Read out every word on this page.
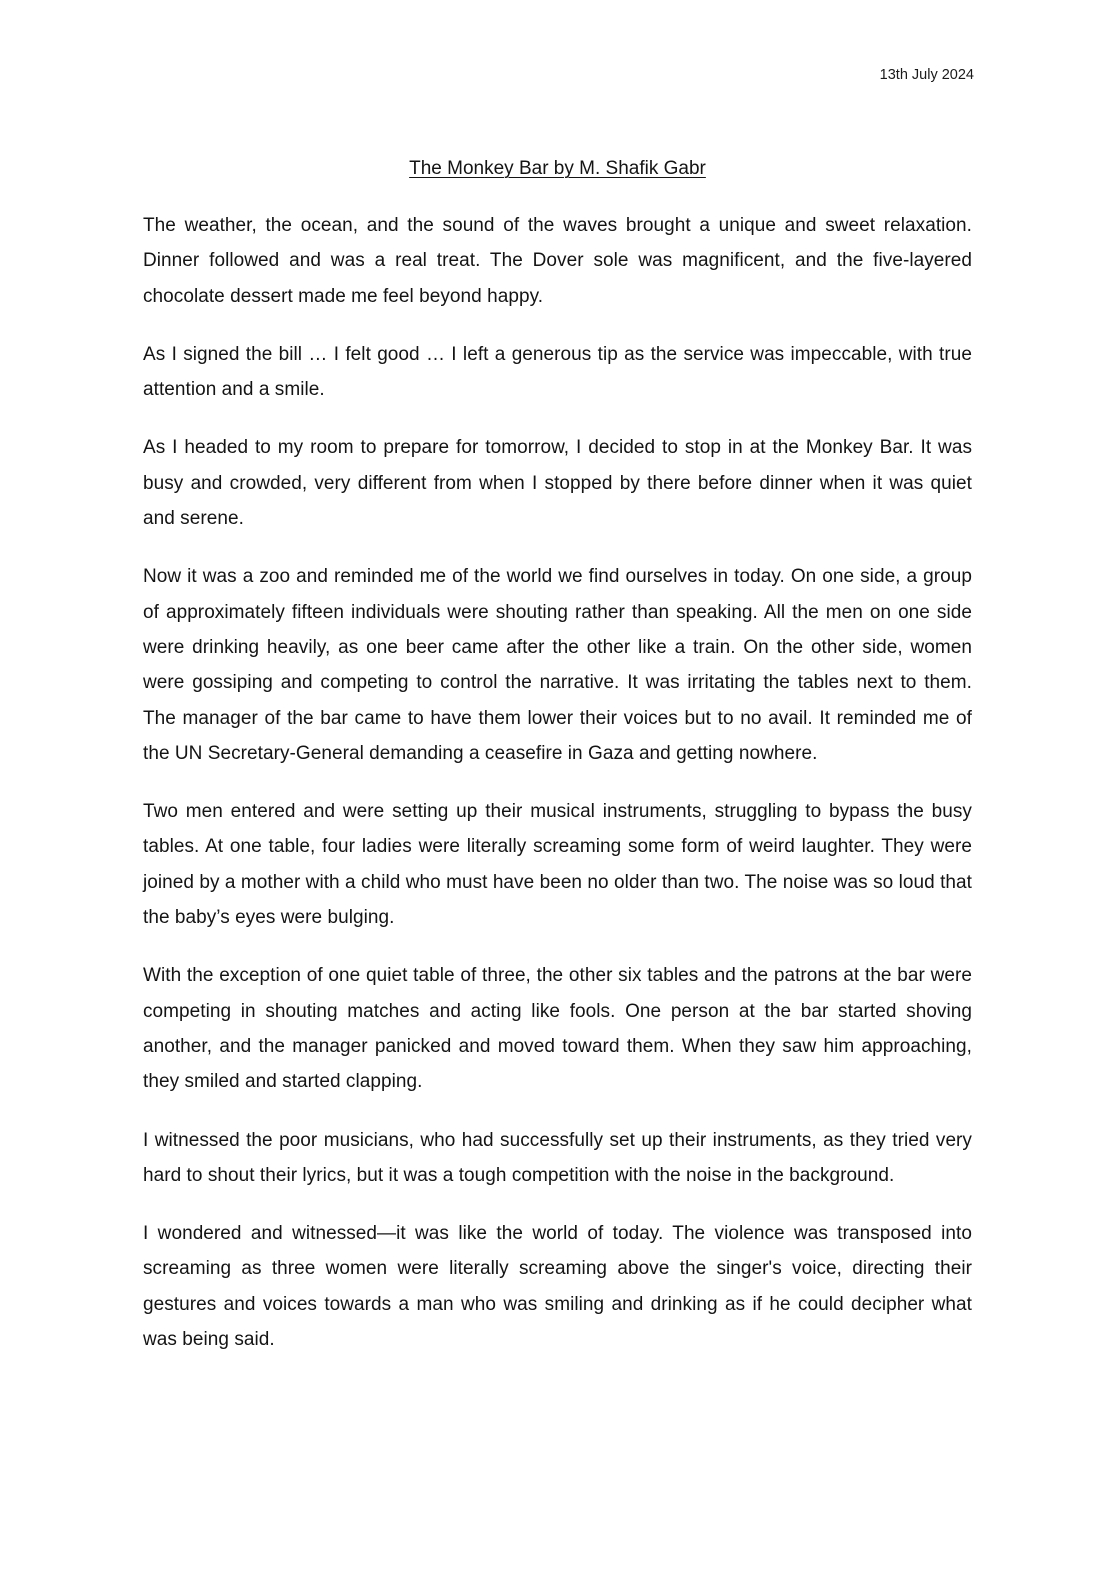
13th July 2024
The Monkey Bar by M. Shafik Gabr

The weather, the ocean, and the sound of the waves brought a unique and sweet relaxation. Dinner followed and was a real treat. The Dover sole was magnificent, and the five-layered chocolate dessert made me feel beyond happy.

As I signed the bill … I felt good … I left a generous tip as the service was impeccable, with true attention and a smile.

As I headed to my room to prepare for tomorrow, I decided to stop in at the Monkey Bar. It was busy and crowded, very different from when I stopped by there before dinner when it was quiet and serene.

Now it was a zoo and reminded me of the world we find ourselves in today. On one side, a group of approximately fifteen individuals were shouting rather than speaking. All the men on one side were drinking heavily, as one beer came after the other like a train. On the other side, women were gossiping and competing to control the narrative. It was irritating the tables next to them. The manager of the bar came to have them lower their voices but to no avail. It reminded me of the UN Secretary-General demanding a ceasefire in Gaza and getting nowhere.

Two men entered and were setting up their musical instruments, struggling to bypass the busy tables. At one table, four ladies were literally screaming some form of weird laughter. They were joined by a mother with a child who must have been no older than two. The noise was so loud that the baby’s eyes were bulging.

With the exception of one quiet table of three, the other six tables and the patrons at the bar were competing in shouting matches and acting like fools. One person at the bar started shoving another, and the manager panicked and moved toward them. When they saw him approaching, they smiled and started clapping.

I witnessed the poor musicians, who had successfully set up their instruments, as they tried very hard to shout their lyrics, but it was a tough competition with the noise in the background.

I wondered and witnessed—it was like the world of today. The violence was transposed into screaming as three women were literally screaming above the singer's voice, directing their gestures and voices towards a man who was smiling and drinking as if he could decipher what was being said.
